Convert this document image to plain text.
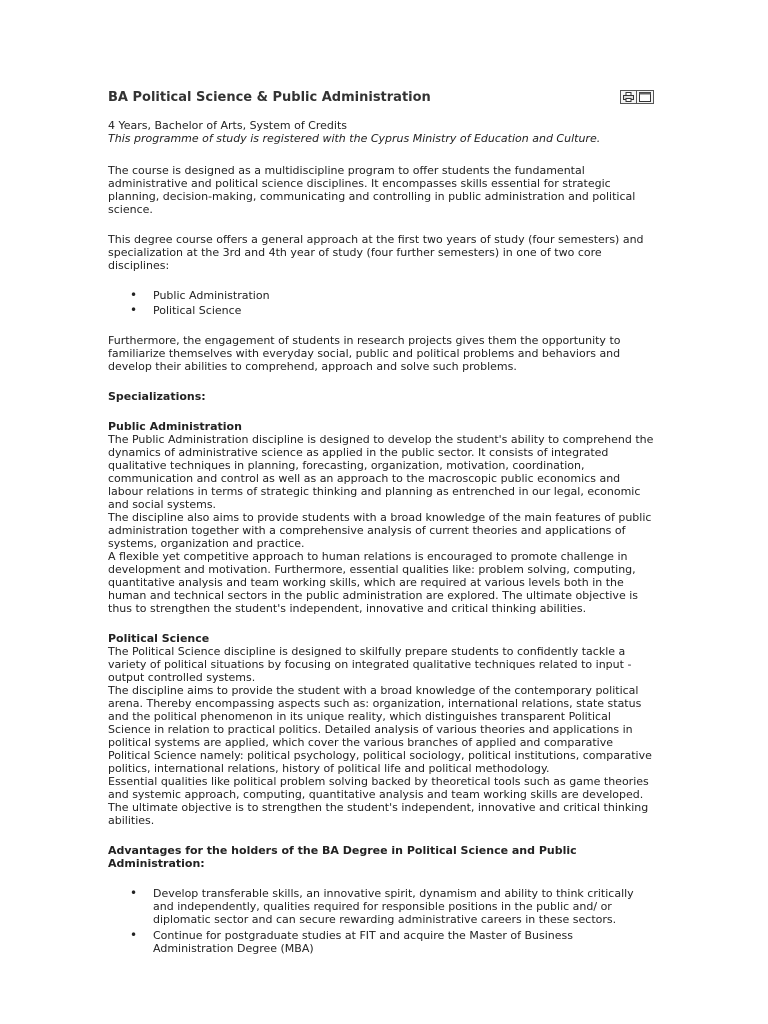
BA Political Science & Public Administration

4 Years, Bachelor of Arts, System of Credits
This programme of study is registered with the Cyprus Ministry of Education and Culture.

The course is designed as a multidiscipline program to offer students the fundamental administrative and political science disciplines. It encompasses skills essential for strategic planning, decision-making, communicating and controlling in public administration and political science.

This degree course offers a general approach at the first two years of study (four semesters) and specialization at the 3rd and 4th year of study (four further semesters) in one of two core disciplines:

• Public Administration
• Political Science

Furthermore, the engagement of students in research projects gives them the opportunity to familiarize themselves with everyday social, public and political problems and behaviors and develop their abilities to comprehend, approach and solve such problems.

Specializations:

Public Administration

The Public Administration discipline is designed to develop the student's ability to comprehend the dynamics of administrative science as applied in the public sector. It consists of integrated qualitative techniques in planning, forecasting, organization, motivation, coordination, communication and control as well as an approach to the macroscopic public economics and labour relations in terms of strategic thinking and planning as entrenched in our legal, economic and social systems.

The discipline also aims to provide students with a broad knowledge of the main features of public administration together with a comprehensive analysis of current theories and applications of systems, organization and practice.

A flexible yet competitive approach to human relations is encouraged to promote challenge in development and motivation. Furthermore, essential qualities like: problem solving, computing, quantitative analysis and team working skills, which are required at various levels both in the human and technical sectors in the public administration are explored. The ultimate objective is thus to strengthen the student's independent, innovative and critical thinking abilities.

Political Science

The Political Science discipline is designed to skilfully prepare students to confidently tackle a variety of political situations by focusing on integrated qualitative techniques related to input - output controlled systems.

The discipline aims to provide the student with a broad knowledge of the contemporary political arena. Thereby encompassing aspects such as: organization, international relations, state status and the political phenomenon in its unique reality, which distinguishes transparent Political Science in relation to practical politics. Detailed analysis of various theories and applications in political systems are applied, which cover the various branches of applied and comparative Political Science namely: political psychology, political sociology, political institutions, comparative politics, international relations, history of political life and political methodology.

Essential qualities like political problem solving backed by theoretical tools such as game theories and systemic approach, computing, quantitative analysis and team working skills are developed. The ultimate objective is to strengthen the student's independent, innovative and critical thinking abilities.

Advantages for the holders of the BA Degree in Political Science and Public Administration:

• Develop transferable skills, an innovative spirit, dynamism and ability to think critically and independently, qualities required for responsible positions in the public and/ or diplomatic sector and can secure rewarding administrative careers in these sectors.
• Continue for postgraduate studies at FIT and acquire the Master of Business Administration Degree (MBA)
